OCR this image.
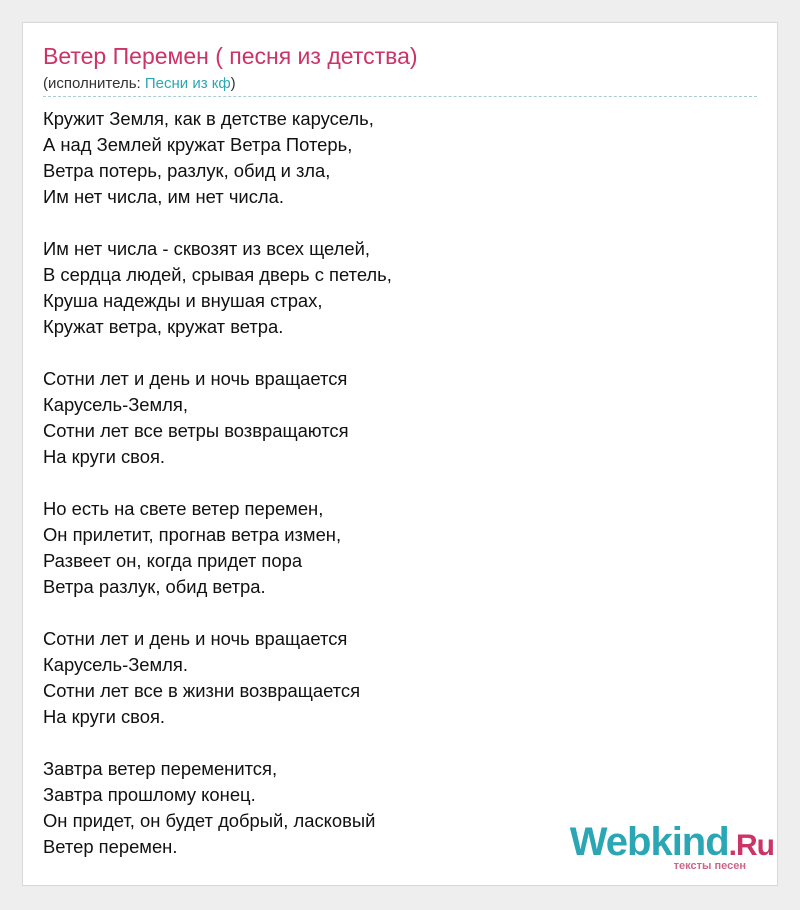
Ветер Перемен ( песня из детства)
(исполнитель: Песни из кф)
Кружит Земля, как в детстве карусель,
А над Землей кружат Ветра Потерь,
Ветра потерь, разлук, обид и зла,
Им нет числа, им нет числа.
Им нет числа - сквозят из всех щелей,
В сердца людей, срывая дверь с петель,
Круша надежды и внушая страх,
Кружат ветра, кружат ветра.
Сотни лет и день и ночь вращается
Карусель-Земля,
Сотни лет все ветры возвращаются
На круги своя.
Но есть на свете ветер перемен,
Он прилетит, прогнав ветра измен,
Развеет он, когда придет пора
Ветра разлук, обид ветра.
Сотни лет и день и ночь вращается
Карусель-Земля.
Сотни лет все в жизни возвращается
На круги своя.
Завтра ветер переменится,
Завтра прошлому конец.
Он придет, он будет добрый, ласковый
Ветер перемен.	Webkind.Ru
тексты песен
